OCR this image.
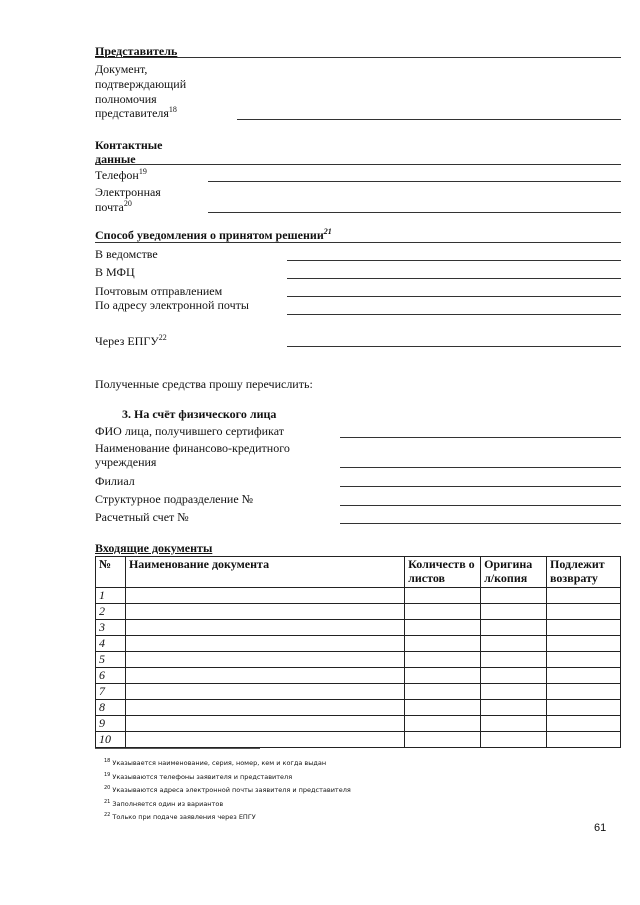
Представитель
Документ,
подтверждающий
полномочия
представителя$^{18}$
Контактные
данные
Телефон$^{19}$
Электронная
почта$^{20}$
Способ уведомления о принятом решении$^{21}$
В ведомстве
В МФЦ
Почтовым отправлением
По адресу электронной почты
Через ЕПГУ$^{22}$
Полученные средства прошу перечислить:
3. На счёт физического лица
ФИО лица, получившего сертификат
Наименование финансово-кредитного
учреждения
Филиал
Структурное подразделение №
Расчетный счет №
Входящие документы
№	Наименование документа	Количеств о листов	Оригина л/копия	Подлежит возврату
1				
2				
3				
4				
5				
6				
7				
8				
9				
10				
$^{18}$ Указывается наименование, серия, номер, кем и когда выдан
$^{19}$ Указываются телефоны заявителя и представителя
$^{20}$ Указываются адреса электронной почты заявителя и представителя
$^{21}$ Заполняется один из вариантов
$^{22}$ Только при подаче заявления через ЕПГУ
61
